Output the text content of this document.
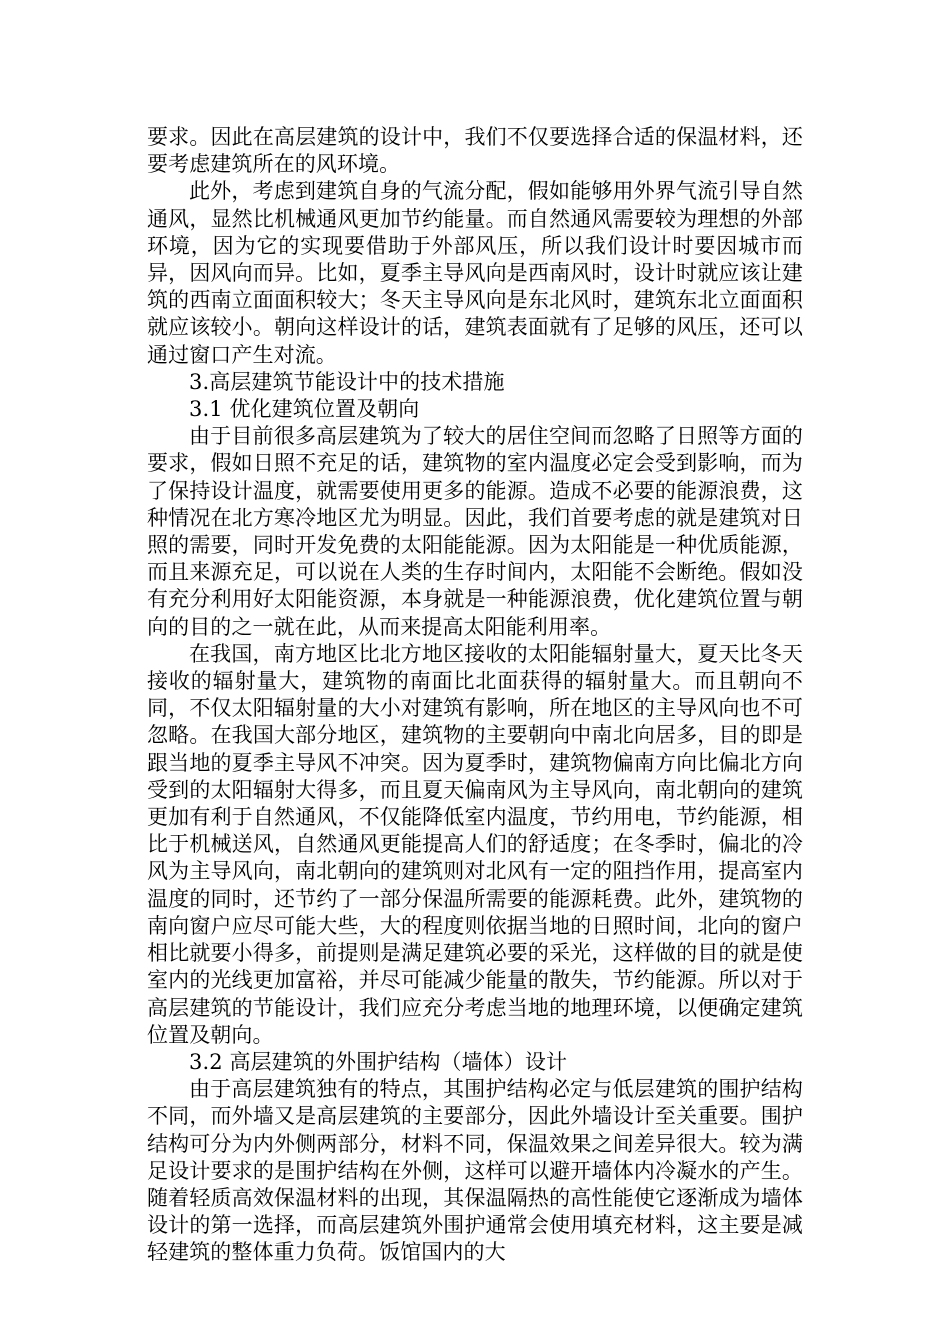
要求。因此在高层建筑的设计中，我们不仅要选择合适的保温材料，还要考虑建筑所在的风环境。

此外，考虑到建筑自身的气流分配，假如能够用外界气流引导自然通风，显然比机械通风更加节约能量。而自然通风需要较为理想的外部环境，因为它的实现要借助于外部风压，所以我们设计时要因城市而异，因风向而异。比如，夏季主导风向是西南风时，设计时就应该让建筑的西南立面面积较大；冬天主导风向是东北风时，建筑东北立面面积就应该较小。朝向这样设计的话，建筑表面就有了足够的风压，还可以通过窗口产生对流。

3.高层建筑节能设计中的技术措施

3.1 优化建筑位置及朝向

由于目前很多高层建筑为了较大的居住空间而忽略了日照等方面的要求，假如日照不充足的话，建筑物的室内温度必定会受到影响，而为了保持设计温度，就需要使用更多的能源。造成不必要的能源浪费，这种情况在北方寒冷地区尤为明显。因此，我们首要考虑的就是建筑对日照的需要，同时开发免费的太阳能能源。因为太阳能是一种优质能源，而且来源充足，可以说在人类的生存时间内，太阳能不会断绝。假如没有充分利用好太阳能资源，本身就是一种能源浪费，优化建筑位置与朝向的目的之一就在此，从而来提高太阳能利用率。

在我国，南方地区比北方地区接收的太阳能辐射量大，夏天比冬天接收的辐射量大，建筑物的南面比北面获得的辐射量大。而且朝向不同，不仅太阳辐射量的大小对建筑有影响，所在地区的主导风向也不可忽略。在我国大部分地区，建筑物的主要朝向中南北向居多，目的即是跟当地的夏季主导风不冲突。因为夏季时，建筑物偏南方向比偏北方向受到的太阳辐射大得多，而且夏天偏南风为主导风向，南北朝向的建筑更加有利于自然通风，不仅能降低室内温度，节约用电，节约能源，相比于机械送风，自然通风更能提高人们的舒适度；在冬季时，偏北的冷风为主导风向，南北朝向的建筑则对北风有一定的阻挡作用，提高室内温度的同时，还节约了一部分保温所需要的能源耗费。此外，建筑物的南向窗户应尽可能大些，大的程度则依据当地的日照时间，北向的窗户相比就要小得多，前提则是满足建筑必要的采光，这样做的目的就是使室内的光线更加富裕，并尽可能减少能量的散失，节约能源。所以对于高层建筑的节能设计，我们应充分考虑当地的地理环境，以便确定建筑位置及朝向。

3.2 高层建筑的外围护结构（墙体）设计

由于高层建筑独有的特点，其围护结构必定与低层建筑的围护结构不同，而外墙又是高层建筑的主要部分，因此外墙设计至关重要。围护结构可分为内外侧两部分，材料不同，保温效果之间差异很大。较为满足设计要求的是围护结构在外侧，这样可以避开墙体内冷凝水的产生。随着轻质高效保温材料的出现，其保温隔热的高性能使它逐渐成为墙体设计的第一选择，而高层建筑外围护通常会使用填充材料，这主要是减轻建筑的整体重力负荷。饭馆国内的大
